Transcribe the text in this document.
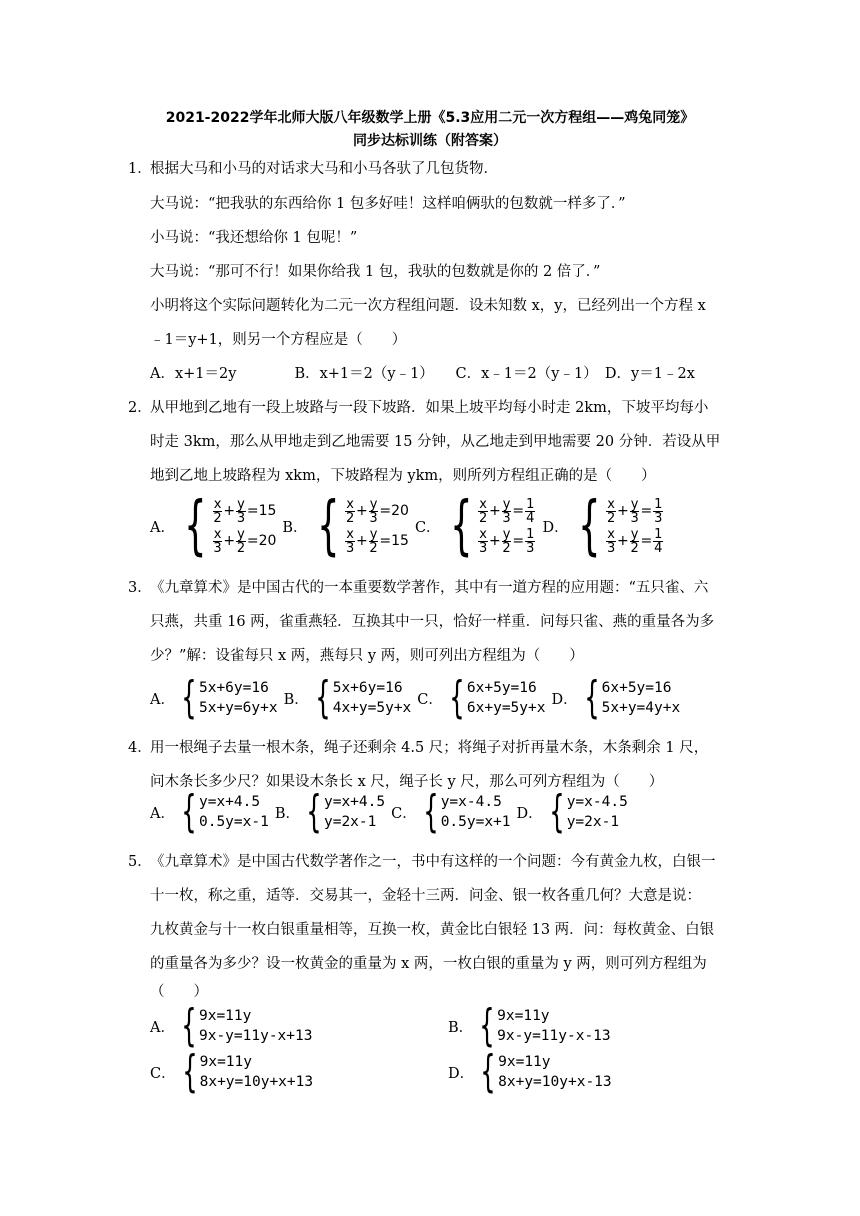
2021-2022学年北师大版八年级数学上册《5.3应用二元一次方程组——鸡兔同笼》
同步达标训练（附答案）
1．
根据大马和小马的对话求大马和小马各驮了几包货物．
大马说：“把我驮的东西给你 1 包多好哇！这样咱俩驮的包数就一样多了．”
小马说：“我还想给你 1 包呢！”
大马说：“那可不行！如果你给我 1 包，我驮的包数就是你的 2 倍了．”
小明将这个实际问题转化为二元一次方程组问题．设未知数 x，y，已经列出一个方程 x
﹣1＝y+1，则另一个方程应是（　　）
A．x+1＝2y　　　　B．x+1＝2（y﹣1）　　C．x﹣1＝2（y﹣1）　D．y＝1﹣2x
2．
从甲地到乙地有一段上坡路与一段下坡路．如果上坡平均每小时走 2km，下坡平均每小
时走 3km，那么从甲地走到乙地需要 15 分钟，从乙地走到甲地需要 20 分钟．若设从甲
地到乙地上坡路程为 xkm，下坡路程为 ykm，则所列方程组正确的是（　　）
A． { $\frac{x}{2} + \frac{y}{3} =15$
$\frac{x}{3} + \frac{y}{2} =20$
B． { $\frac{x}{2} + \frac{y}{3} =20$
$\frac{x}{3} + \frac{y}{2} =15$
C． { $\frac{x}{2} + \frac{y}{3} = \frac{1}{4}$
$\frac{x}{3} + \frac{y}{2} = \frac{1}{3}$ D． { $\frac{x}{2} + \frac{y}{3} = \frac{1}{3}$
$\frac{x}{3} + \frac{y}{2} = \frac{1}{4}$
3．
《九章算术》是中国古代的一本重要数学著作，其中有一道方程的应用题：“五只雀、六
只燕，共重 16 两，雀重燕轻．互换其中一只，恰好一样重．问每只雀、燕的重量各为多
少？”解：设雀每只 x 两，燕每只 y 两，则可列出方程组为（　　）
A． { 5x+6y=16
5x+y=6y+x
B． { 5x+6y=16
4x+y=5y+x
C． { 6x+5y=16
6x+y=5y+x
D． { 6x+5y=16
5x+y=4y+x
4．
用一根绳子去量一根木条，绳子还剩余 4.5 尺；将绳子对折再量木条，木条剩余 1 尺，
问木条长多少尺？如果设木条长 x 尺，绳子长 y 尺，那么可列方程组为（　　）
A． { y=x+4.5
0.5y=x-1
B． { y=x+4.5
y=2x-1
C． { y=x-4.5
0.5y=x+1
D． { y=x-4.5
y=2x-1
5．
《九章算术》是中国古代数学著作之一，书中有这样的一个问题：今有黄金九枚，白银一
十一枚，称之重，适等．交易其一，金轻十三两．问金、银一枚各重几何？大意是说：
九枚黄金与十一枚白银重量相等，互换一枚，黄金比白银轻 13 两．问：每枚黄金、白银
的重量各为多少？设一枚黄金的重量为 x 两，一枚白银的重量为 y 两，则可列方程组为
（　　）
A． { 9x=11y
9x-y=11y-x+13
B． { 9x=11y
9x-y=11y-x-13
C． { 9x=11y
8x+y=10y+x+13
D． { 9x=11y
8x+y=10y+x-13
